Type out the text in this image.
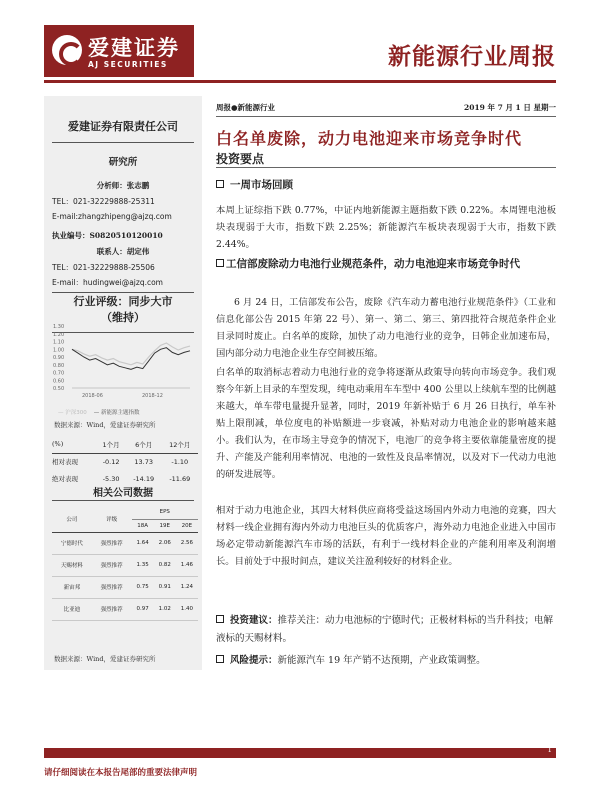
爱建证券
AJ SECURITIES	新能源行业周报
爱建证券有限责任公司
研究所
分析师：张志鹏
TEL：021-32229888-25311
E-mail:zhangzhipeng@ajzq.com
执业编号：S0820510120010
联系人：胡定伟
TEL：021-32229888-25506
E-mail：hudingwei@ajzq.com
行业评级：同步大市
（维持）
1.30
1.20
1.10
1.00
0.90
0.80
0.70
0.60
0.50
2018-06	2018-12
— 沪深300 — 新能源主题指数
数据来源：Wind，爱建证券研究所
(%)	1个月	6个月	12个月
相对表现	-0.12	13.73	-1.10
绝对表现	-5.30	-14.19	-11.69
相关公司数据
公司	评级	EPS		
		18A	19E	20E
宁德时代	强烈推荐	1.64	2.06	2.56
天赐材料	强烈推荐	1.35	0.82	1.46
新宙邦	强烈推荐	0.75	0.91	1.24
比亚迪	强烈推荐	0.97	1.02	1.40
数据来源：Wind，爱建证券研究所
周报●新能源行业	2019 年 7 月 1 日 星期一
白名单废除，动力电池迎来市场竞争时代
投资要点
一周市场回顾
本周上证综指下跌 0.77%，中证内地新能源主题指数下跌 0.22%。本周锂电池板块表现弱于大市，指数下跌 2.25%；新能源汽车板块表现弱于大市，指数下跌 2.44%。
工信部废除动力电池行业规范条件，动力电池迎来市场竞争时代
6 月 24 日，工信部发布公告，废除《汽车动力蓄电池行业规范条件》（工业和信息化部公告 2015 年第 22 号）、第一、第二、第三、第四批符合规范条件企业目录同时废止。白名单的废除，加快了动力电池行业的竞争，日韩企业加速布局，国内部分动力电池企业生存空间被压缩。
白名单的取消标志着动力电池行业的竞争将逐渐从政策导向转向市场竞争。我们观察今年新上目录的车型发现，纯电动乘用车车型中 400 公里以上续航车型的比例越来越大，单车带电量提升显著，同时，2019 年新补贴于 6 月 26 日执行，单车补贴上限削减，单位度电的补贴额进一步衰减，补贴对动力电池企业的影响越来越小。我们认为，在市场主导竞争的情况下，电池厂的竞争将主要依靠能量密度的提升、产能及产能利用率情况、电池的一致性及良品率情况，以及对下一代动力电池的研发进展等。
相对于动力电池企业，其四大材料供应商将受益这场国内外动力电池的竞赛，四大材料一线企业拥有海内外动力电池巨头的优质客户，海外动力电池企业进入中国市场必定带动新能源汽车市场的活跃，有利于一线材料企业的产能利用率及利润增长。目前处于中报时间点，建议关注盈利较好的材料企业。
投资建议：推荐关注：动力电池标的宁德时代；正极材料标的当升科技；电解液标的天赐材料。
风险提示：新能源汽车 19 年产销不达预期，产业政策调整。
1
请仔细阅读在本报告尾部的重要法律声明
